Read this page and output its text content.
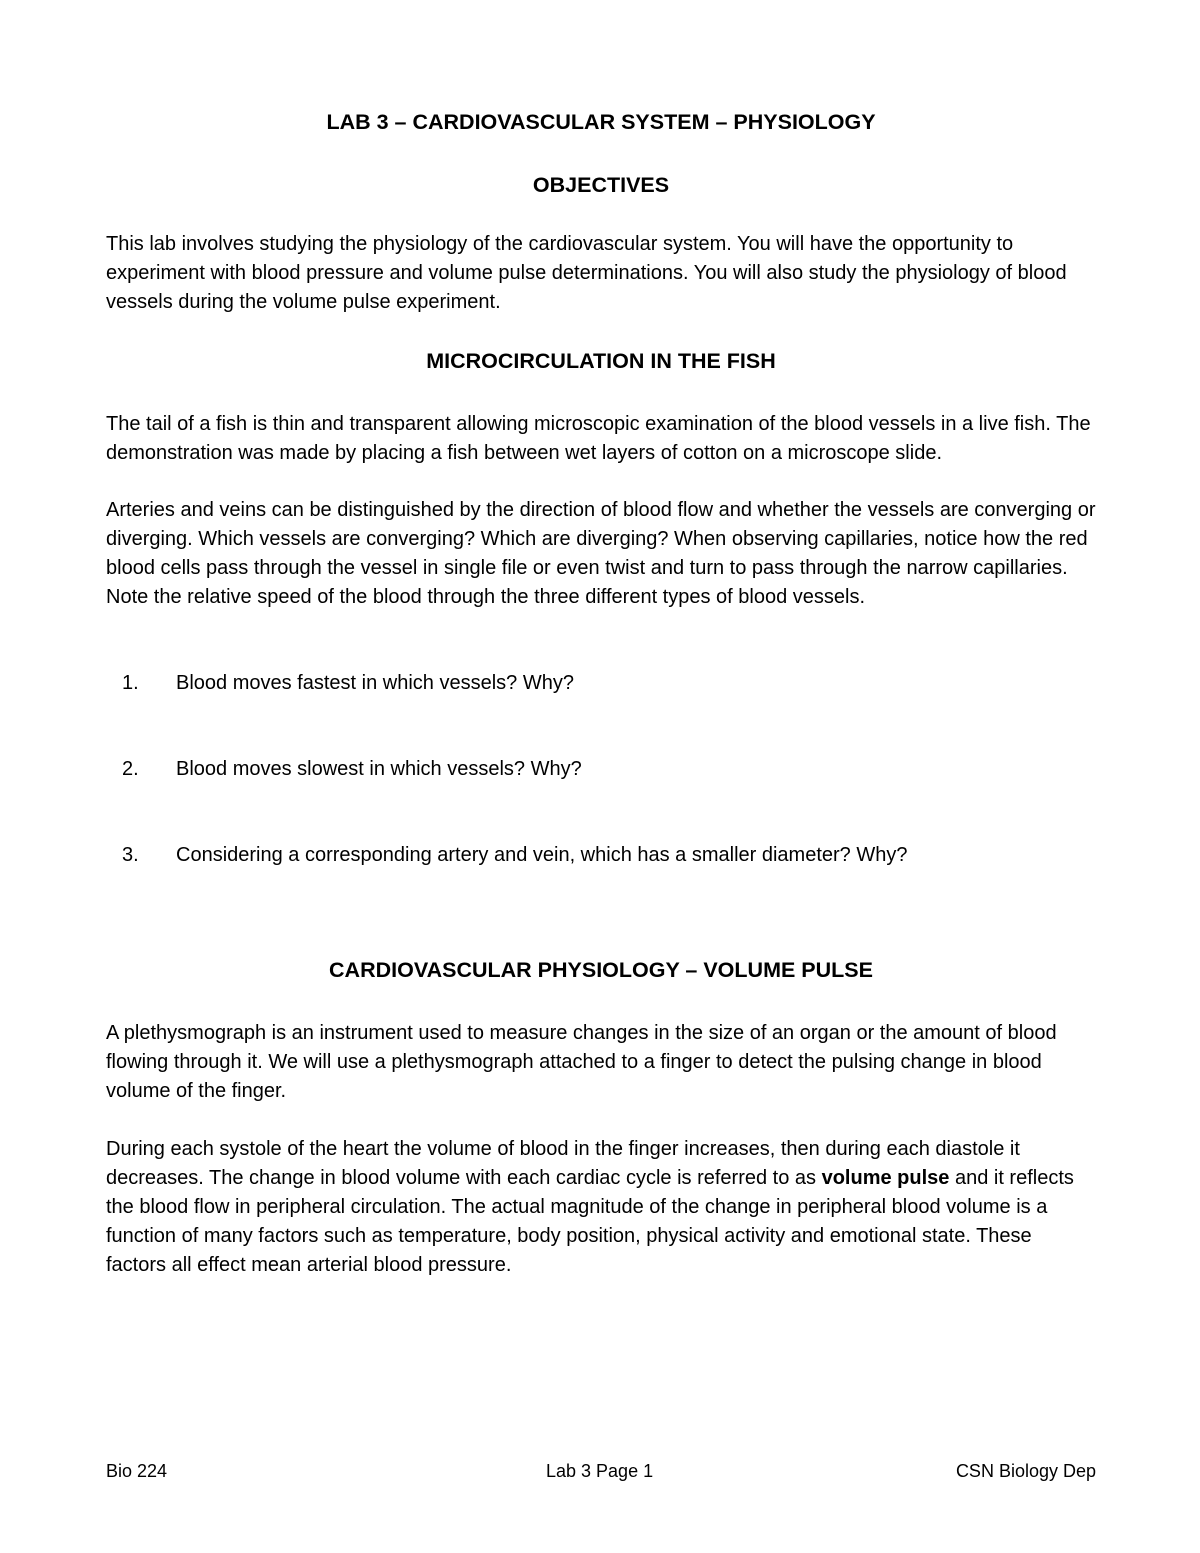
LAB 3 – CARDIOVASCULAR SYSTEM – PHYSIOLOGY
OBJECTIVES

This lab involves studying the physiology of the cardiovascular system. You will have the opportunity to experiment with blood pressure and volume pulse determinations. You will also study the physiology of blood vessels during the volume pulse experiment.

MICROCIRCULATION IN THE FISH

The tail of a fish is thin and transparent allowing microscopic examination of the blood vessels in a live fish. The demonstration was made by placing a fish between wet layers of cotton on a microscope slide.

Arteries and veins can be distinguished by the direction of blood flow and whether the vessels are converging or diverging. Which vessels are converging? Which are diverging? When observing capillaries, notice how the red blood cells pass through the vessel in single file or even twist and turn to pass through the narrow capillaries. Note the relative speed of the blood through the three different types of blood vessels.

1.	Blood moves fastest in which vessels? Why?
2.	Blood moves slowest in which vessels? Why?
3.	Considering a corresponding artery and vein, which has a smaller diameter? Why?
CARDIOVASCULAR PHYSIOLOGY – VOLUME PULSE

A plethysmograph is an instrument used to measure changes in the size of an organ or the amount of blood flowing through it. We will use a plethysmograph attached to a finger to detect the pulsing change in blood volume of the finger.

During each systole of the heart the volume of blood in the finger increases, then during each diastole it decreases. The change in blood volume with each cardiac cycle is referred to as volume pulse and it reflects the blood flow in peripheral circulation. The actual magnitude of the change in peripheral blood volume is a function of many factors such as temperature, body position, physical activity and emotional state. These factors all effect mean arterial blood pressure.

Bio 224	Lab 3 Page 1	CSN Biology Dep
